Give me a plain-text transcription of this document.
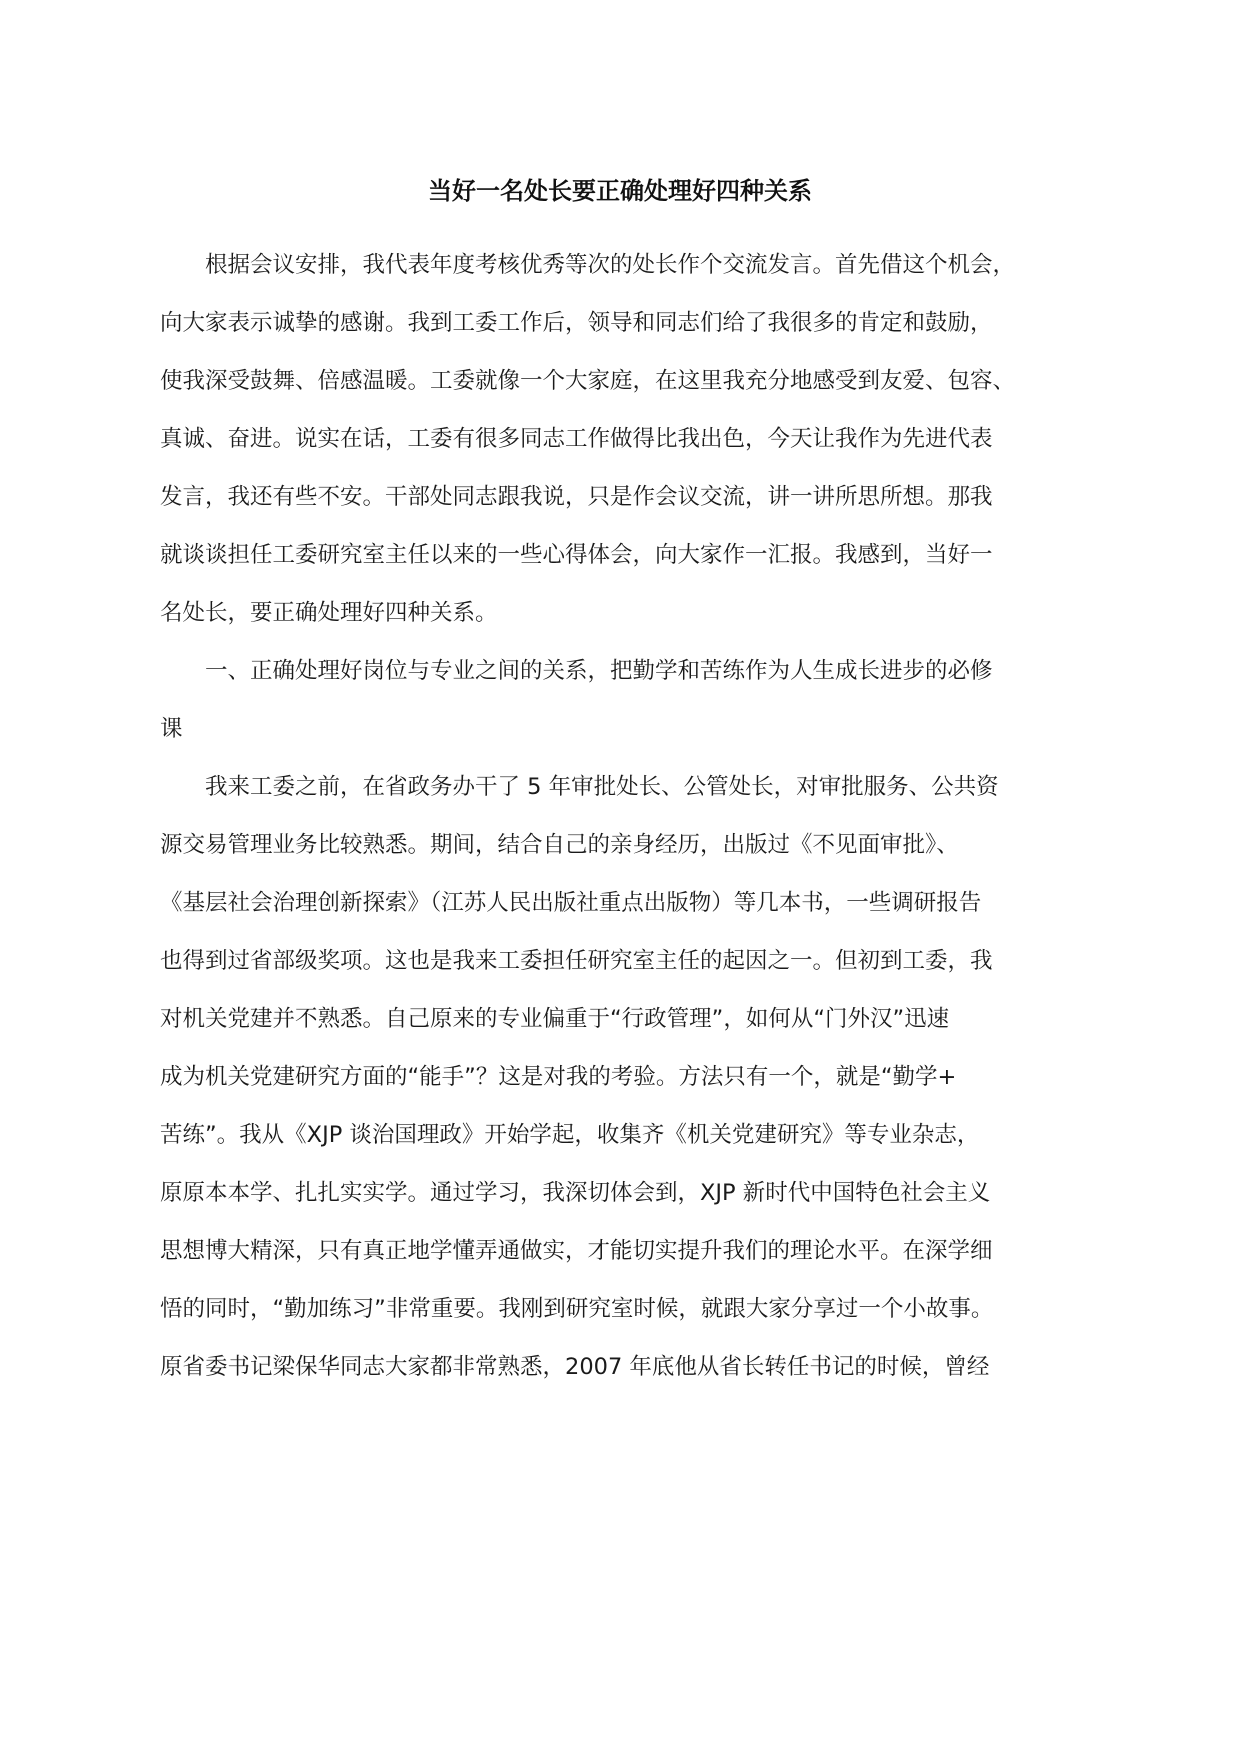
当好一名处长要正确处理好四种关系
　　根据会议安排，我代表年度考核优秀等次的处长作个交流发言。首先借这个机会，
向大家表示诚挚的感谢。我到工委工作后，领导和同志们给了我很多的肯定和鼓励，
使我深受鼓舞、倍感温暖。工委就像一个大家庭，在这里我充分地感受到友爱、包容、
真诚、奋进。说实在话，工委有很多同志工作做得比我出色，今天让我作为先进代表
发言，我还有些不安。干部处同志跟我说，只是作会议交流，讲一讲所思所想。那我
就谈谈担任工委研究室主任以来的一些心得体会，向大家作一汇报。我感到，当好一
名处长，要正确处理好四种关系。
　　一、正确处理好岗位与专业之间的关系，把勤学和苦练作为人生成长进步的必修
课
　　我来工委之前，在省政务办干了 5 年审批处长、公管处长，对审批服务、公共资
源交易管理业务比较熟悉。期间，结合自己的亲身经历，出版过《不见面审批》、
《基层社会治理创新探索》（江苏人民出版社重点出版物）等几本书，一些调研报告
也得到过省部级奖项。这也是我来工委担任研究室主任的起因之一。但初到工委，我
对机关党建并不熟悉。自己原来的专业偏重于“行政管理”，如何从“门外汉”迅速
成为机关党建研究方面的“能手”？这是对我的考验。方法只有一个，就是“勤学+
苦练”。我从《XJP 谈治国理政》开始学起，收集齐《机关党建研究》等专业杂志，
原原本本学、扎扎实实学。通过学习，我深切体会到，XJP 新时代中国特色社会主义
思想博大精深，只有真正地学懂弄通做实，才能切实提升我们的理论水平。在深学细
悟的同时，“勤加练习”非常重要。我刚到研究室时候，就跟大家分享过一个小故事。
原省委书记梁保华同志大家都非常熟悉，2007 年底他从省长转任书记的时候，曾经
